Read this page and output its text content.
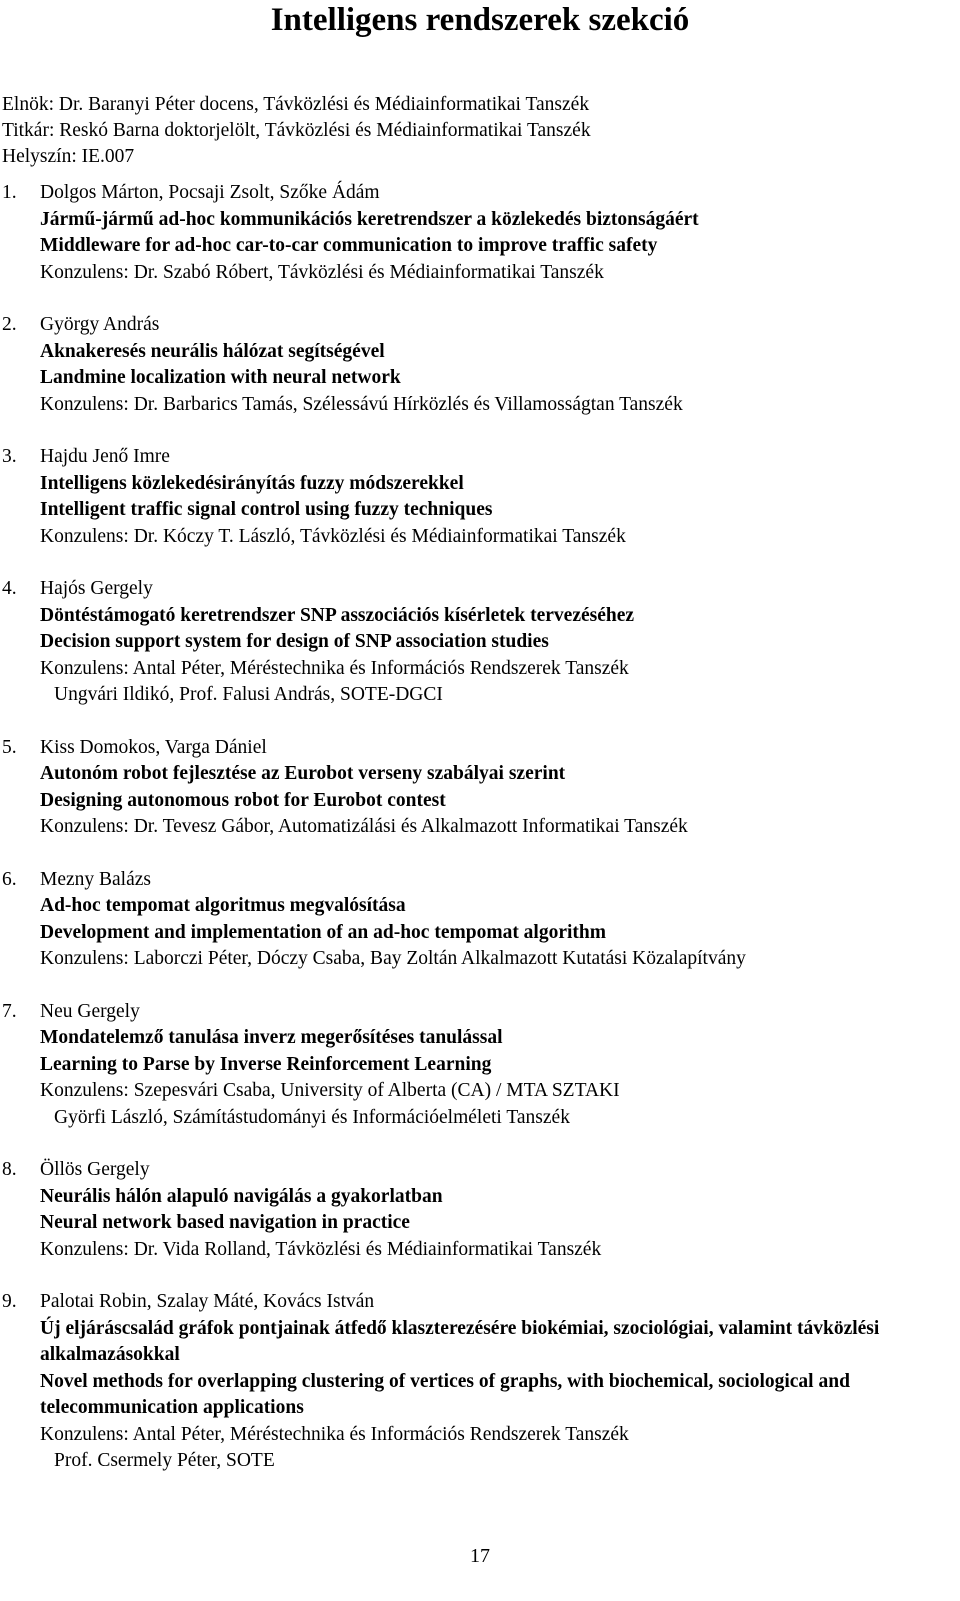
Intelligens rendszerek szekció
Elnök: Dr. Baranyi Péter docens, Távközlési és Médiainformatikai Tanszék
Titkár: Reskó Barna doktorjelölt, Távközlési és Médiainformatikai Tanszék
Helyszín: IE.007
1. Dolgos Márton, Pocsaji Zsolt, Szőke Ádám
Jármű-jármű ad-hoc kommunikációs keretrendszer a közlekedés biztonságáért
Middleware for ad-hoc car-to-car communication to improve traffic safety
Konzulens: Dr. Szabó Róbert, Távközlési és Médiainformatikai Tanszék
2. György András
Aknakeresés neurális hálózat segítségével
Landmine localization with neural network
Konzulens: Dr. Barbarics Tamás, Szélessávú Hírközlés és Villamosságtan Tanszék
3. Hajdu Jenő Imre
Intelligens közlekedésirányítás fuzzy módszerekkel
Intelligent traffic signal control using fuzzy techniques
Konzulens: Dr. Kóczy T. László, Távközlési és Médiainformatikai Tanszék
4. Hajós Gergely
Döntéstámogató keretrendszer SNP asszociációs kísérletek tervezéséhez
Decision support system for design of SNP association studies
Konzulens: Antal Péter, Méréstechnika és Információs Rendszerek Tanszék
Ungvári Ildikó, Prof. Falusi András, SOTE-DGCI
5. Kiss Domokos, Varga Dániel
Autonóm robot fejlesztése az Eurobot verseny szabályai szerint
Designing autonomous robot for Eurobot contest
Konzulens: Dr. Tevesz Gábor, Automatizálási és Alkalmazott Informatikai Tanszék
6. Mezny Balázs
Ad-hoc tempomat algoritmus megvalósítása
Development and implementation of an ad-hoc tempomat algorithm
Konzulens: Laborczi Péter, Dóczy Csaba, Bay Zoltán Alkalmazott Kutatási Közalapítvány
7. Neu Gergely
Mondatelemző tanulása inverz megerősítéses tanulással
Learning to Parse by Inverse Reinforcement Learning
Konzulens: Szepesvári Csaba, University of Alberta (CA) / MTA SZTAKI
Györfi László, Számítástudományi és Információelméleti Tanszék
8. Öllös Gergely
Neurális hálón alapuló navigálás a gyakorlatban
Neural network based navigation in practice
Konzulens: Dr. Vida Rolland, Távközlési és Médiainformatikai Tanszék
9. Palotai Robin, Szalay Máté, Kovács István
Új eljáráscsalád gráfok pontjainak átfedő klaszterezésére biokémiai, szociológiai, valamint távközlési alkalmazásokkal
Novel methods for overlapping clustering of vertices of graphs, with biochemical, sociological and telecommunication applications
Konzulens: Antal Péter, Méréstechnika és Információs Rendszerek Tanszék
Prof. Csermely Péter, SOTE
17
